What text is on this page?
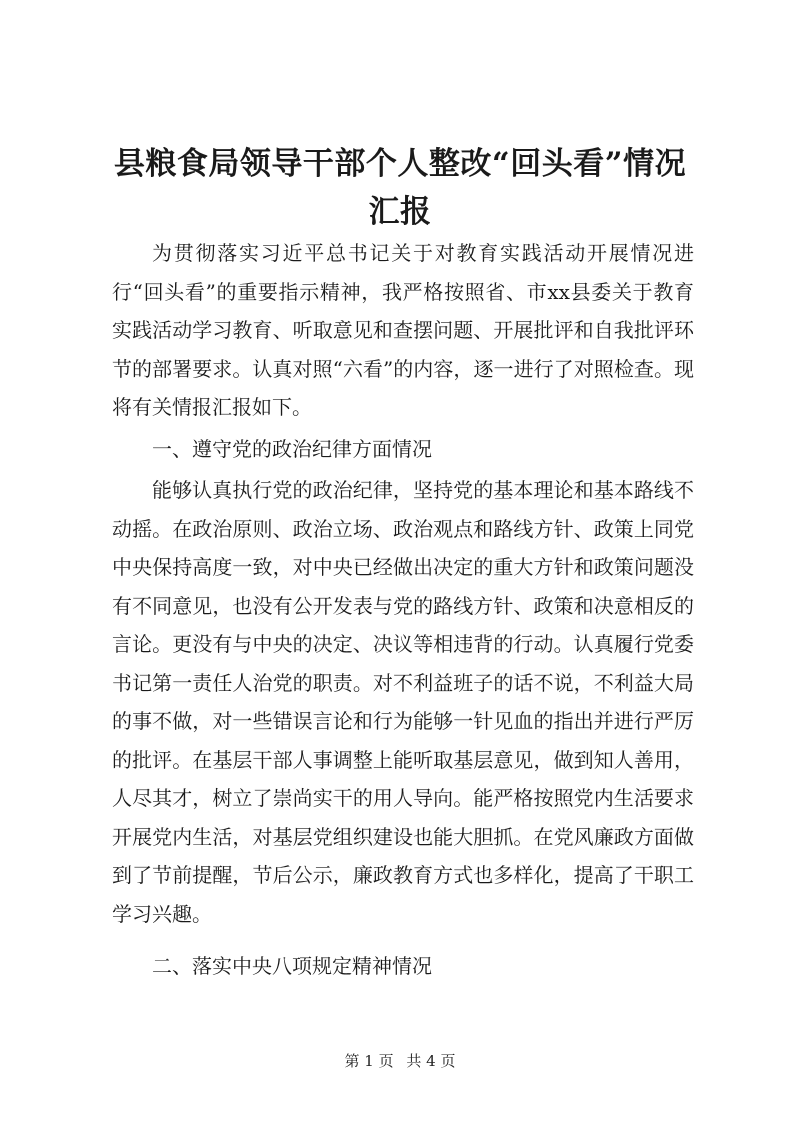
县粮食局领导干部个人整改“回头看”情况汇报

为贯彻落实习近平总书记关于对教育实践活动开展情况进行“回头看”的重要指示精神，我严格按照省、市xx县委关于教育实践活动学习教育、听取意见和查摆问题、开展批评和自我批评环节的部署要求。认真对照“六看”的内容，逐一进行了对照检查。现将有关情报汇报如下。

一、遵守党的政治纪律方面情况

能够认真执行党的政治纪律，坚持党的基本理论和基本路线不动摇。在政治原则、政治立场、政治观点和路线方针、政策上同党中央保持高度一致，对中央已经做出决定的重大方针和政策问题没有不同意见，也没有公开发表与党的路线方针、政策和决意相反的言论。更没有与中央的决定、决议等相违背的行动。认真履行党委书记第一责任人治党的职责。对不利益班子的话不说，不利益大局的事不做，对一些错误言论和行为能够一针见血的指出并进行严厉的批评。在基层干部人事调整上能听取基层意见，做到知人善用，人尽其才，树立了崇尚实干的用人导向。能严格按照党内生活要求开展党内生活，对基层党组织建设也能大胆抓。在党风廉政方面做到了节前提醒，节后公示，廉政教育方式也多样化，提高了干职工学习兴趣。

二、落实中央八项规定精神情况

第 1 页 共 4 页
